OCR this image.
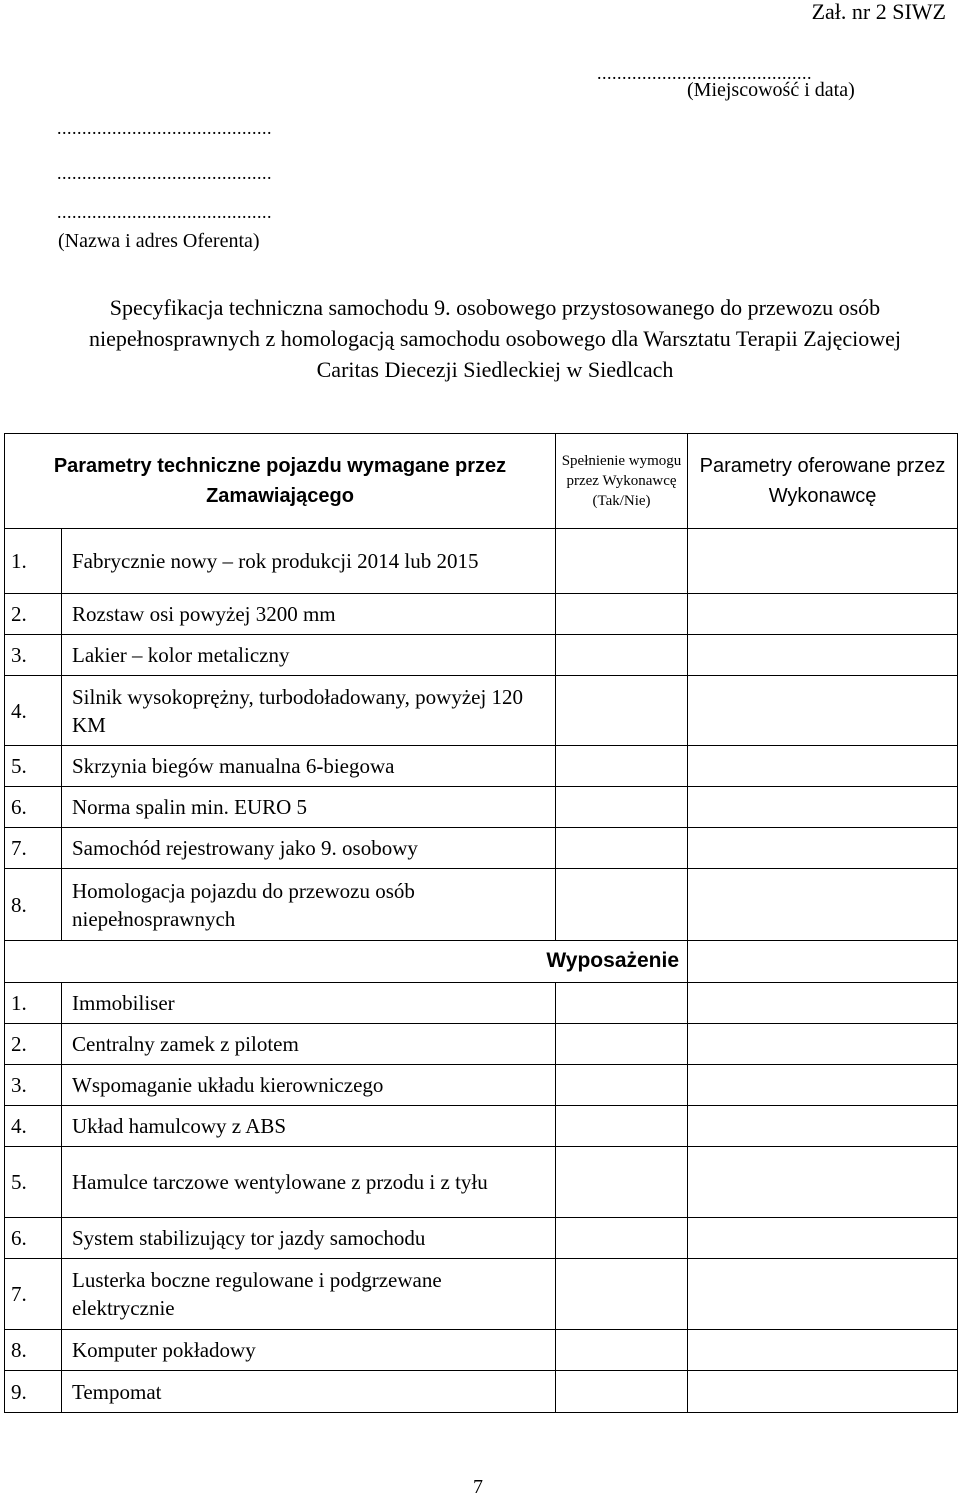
Zał. nr 2 SIWZ
...........................................
(Miejscowość i data)
...........................................
...........................................
...........................................
(Nazwa i adres Oferenta)
Specyfikacja techniczna samochodu 9. osobowego przystosowanego do przewozu osób niepełnosprawnych z homologacją samochodu osobowego dla Warsztatu Terapii Zajęciowej Caritas Diecezji Siedleckiej w Siedlcach
Parametry techniczne pojazdu wymagane przez Zamawiającego		Spełnienie wymogu przez Wykonawcę (Tak/Nie)	Parametry oferowane przez Wykonawcę
1.	Fabrycznie nowy – rok produkcji 2014 lub 2015		
2.	Rozstaw osi powyżej 3200 mm		
3.	Lakier – kolor metaliczny		
4.	Silnik wysokoprężny, turbodoładowany, powyżej 120 KM		
5.	Skrzynia biegów manualna 6-biegowa		
6.	Norma spalin min. EURO 5		
7.	Samochód rejestrowany jako 9. osobowy		
8.	Homologacja pojazdu do przewozu osób niepełnosprawnych		
Wyposażenie			
1.	Immobiliser		
2.	Centralny zamek z pilotem		
3.	Wspomaganie układu kierowniczego		
4.	Układ hamulcowy z ABS		
5.	Hamulce tarczowe wentylowane z przodu i z tyłu		
6.	System stabilizujący tor jazdy samochodu		
7.	Lusterka boczne regulowane i podgrzewane elektrycznie		
8.	Komputer pokładowy		
9.	Tempomat		
7
